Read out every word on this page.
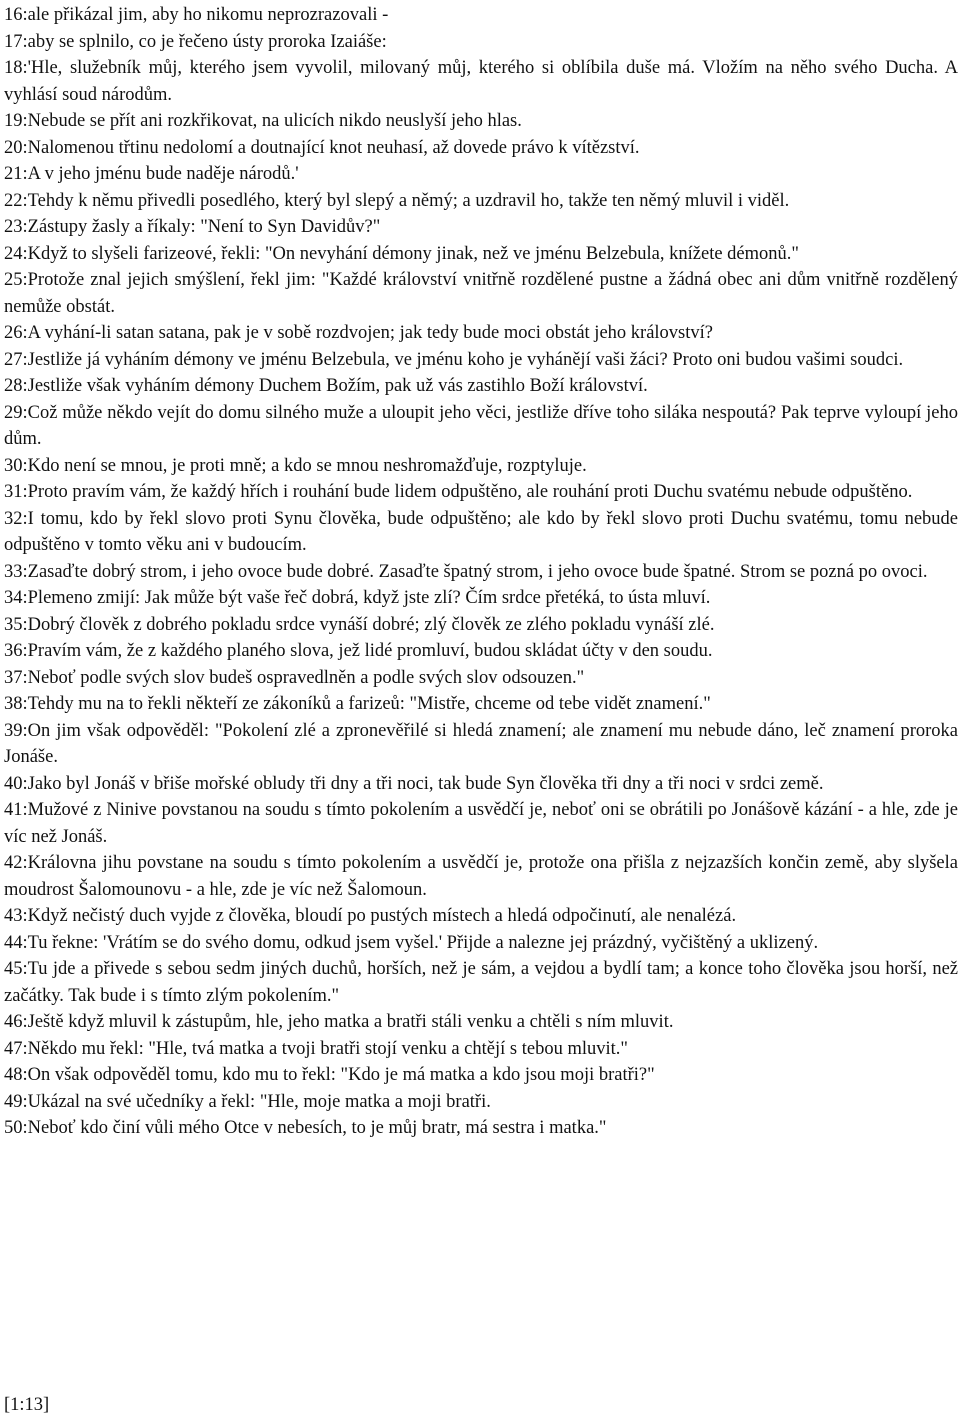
16:ale přikázal jim, aby ho nikomu neprozrazovali -

17:aby se splnilo, co je řečeno ústy proroka Izaiáše:

18:'Hle, služebník můj, kterého jsem vyvolil, milovaný můj, kterého si oblíbila duše má. Vložím na něho svého Ducha. A vyhlásí soud národům.

19:Nebude se přít ani rozkřikovat, na ulicích nikdo neuslyší jeho hlas.

20:Nalomenou třtinu nedolomí a doutnající knot neuhasí, až dovede právo k vítězství.

21:A v jeho jménu bude naděje národů.'

22:Tehdy k němu přivedli posedlého, který byl slepý a němý; a uzdravil ho, takže ten němý mluvil i viděl.

23:Zástupy žasly a říkaly: "Není to Syn Davidův?"

24:Když to slyšeli farizeové, řekli: "On nevyhání démony jinak, než ve jménu Belzebula, knížete démonů."

25:Protože znal jejich smýšlení, řekl jim: "Každé království vnitřně rozdělené pustne a žádná obec ani dům vnitřně rozdělený nemůže obstát.

26:A vyhání-li satan satana, pak je v sobě rozdvojen; jak tedy bude moci obstát jeho království?

27:Jestliže já vyháním démony ve jménu Belzebula, ve jménu koho je vyhánějí vaši žáci? Proto oni budou vašimi soudci.

28:Jestliže však vyháním démony Duchem Božím, pak už vás zastihlo Boží království.

29:Což může někdo vejít do domu silného muže a uloupit jeho věci, jestliže dříve toho siláka nespoutá? Pak teprve vyloupí jeho dům.

30:Kdo není se mnou, je proti mně; a kdo se mnou neshromažďuje, rozptyluje.

31:Proto pravím vám, že každý hřích i rouhání bude lidem odpuštěno, ale rouhání proti Duchu svatému nebude odpuštěno.

32:I tomu, kdo by řekl slovo proti Synu člověka, bude odpuštěno; ale kdo by řekl slovo proti Duchu svatému, tomu nebude odpuštěno v tomto věku ani v budoucím.

33:Zasaďte dobrý strom, i jeho ovoce bude dobré. Zasaďte špatný strom, i jeho ovoce bude špatné. Strom se pozná po ovoci.

34:Plemeno zmijí: Jak může být vaše řeč dobrá, když jste zlí? Čím srdce přetéká, to ústa mluví.

35:Dobrý člověk z dobrého pokladu srdce vynáší dobré; zlý člověk ze zlého pokladu vynáší zlé.

36:Pravím vám, že z každého planého slova, jež lidé promluví, budou skládat účty v den soudu.

37:Neboť podle svých slov budeš ospravedlněn a podle svých slov odsouzen."

38:Tehdy mu na to řekli někteří ze zákoníků a farizeů: "Mistře, chceme od tebe vidět znamení."

39:On jim však odpověděl: "Pokolení zlé a zpronevěřilé si hledá znamení; ale znamení mu nebude dáno, leč znamení proroka Jonáše.

40:Jako byl Jonáš v břiše mořské obludy tři dny a tři noci, tak bude Syn člověka tři dny a tři noci v srdci země.

41:Mužové z Ninive povstanou na soudu s tímto pokolením a usvědčí je, neboť oni se obrátili po Jonášově kázání - a hle, zde je víc než Jonáš.

42:Královna jihu povstane na soudu s tímto pokolením a usvědčí je, protože ona přišla z nejzazších končin země, aby slyšela moudrost Šalomounovu - a hle, zde je víc než Šalomoun.

43:Když nečistý duch vyjde z člověka, bloudí po pustých místech a hledá odpočinutí, ale nenalézá.

44:Tu řekne: 'Vrátím se do svého domu, odkud jsem vyšel.' Přijde a nalezne jej prázdný, vyčištěný a uklizený.

45:Tu jde a přivede s sebou sedm jiných duchů, horších, než je sám, a vejdou a bydlí tam; a konce toho člověka jsou horší, než začátky. Tak bude i s tímto zlým pokolením."

46:Ještě když mluvil k zástupům, hle, jeho matka a bratři stáli venku a chtěli s ním mluvit.

47:Někdo mu řekl: "Hle, tvá matka a tvoji bratři stojí venku a chtějí s tebou mluvit."

48:On však odpověděl tomu, kdo mu to řekl: "Kdo je má matka a kdo jsou moji bratři?"

49:Ukázal na své učedníky a řekl: "Hle, moje matka a moji bratři.

50:Neboť kdo činí vůli mého Otce v nebesích, to je můj bratr, má sestra i matka."

[1:13]
